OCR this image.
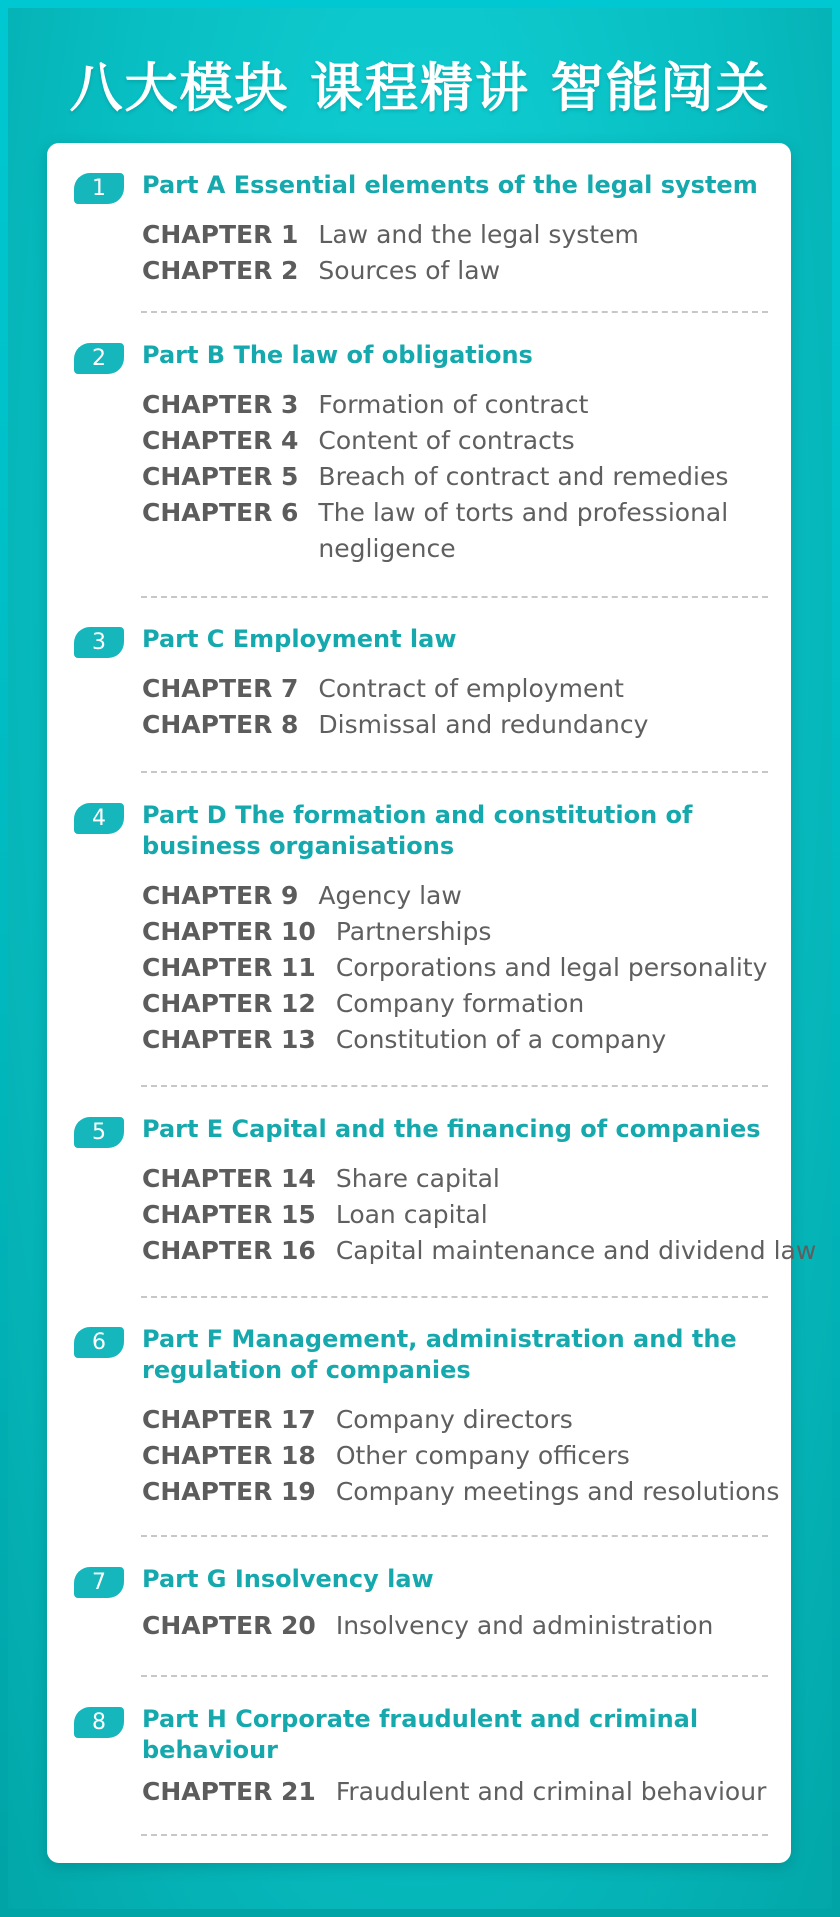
八大模块 课程精讲 智能闯关
1	Part A Essential elements of the legal system
CHAPTER 1 Law and the legal system
CHAPTER 2 Sources of law
2	Part B The law of obligations
CHAPTER 3 Formation of contract
CHAPTER 4 Content of contracts
CHAPTER 5 Breach of contract and remedies
CHAPTER 6 The law of torts and professional negligence
3	Part C Employment law
CHAPTER 7 Contract of employment
CHAPTER 8 Dismissal and redundancy
4	Part D The formation and constitution of business organisations
CHAPTER 9 Agency law
CHAPTER 10 Partnerships
CHAPTER 11 Corporations and legal personality
CHAPTER 12 Company formation
CHAPTER 13 Constitution of a company
5	Part E Capital and the financing of companies
CHAPTER 14 Share capital
CHAPTER 15 Loan capital
CHAPTER 16 Capital maintenance and dividend law
6	Part F Management, administration and the regulation of companies
CHAPTER 17 Company directors
CHAPTER 18 Other company officers
CHAPTER 19 Company meetings and resolutions
7	Part G Insolvency law
CHAPTER 20 Insolvency and administration
8	Part H Corporate fraudulent and criminal behaviour
CHAPTER 21 Fraudulent and criminal behaviour
